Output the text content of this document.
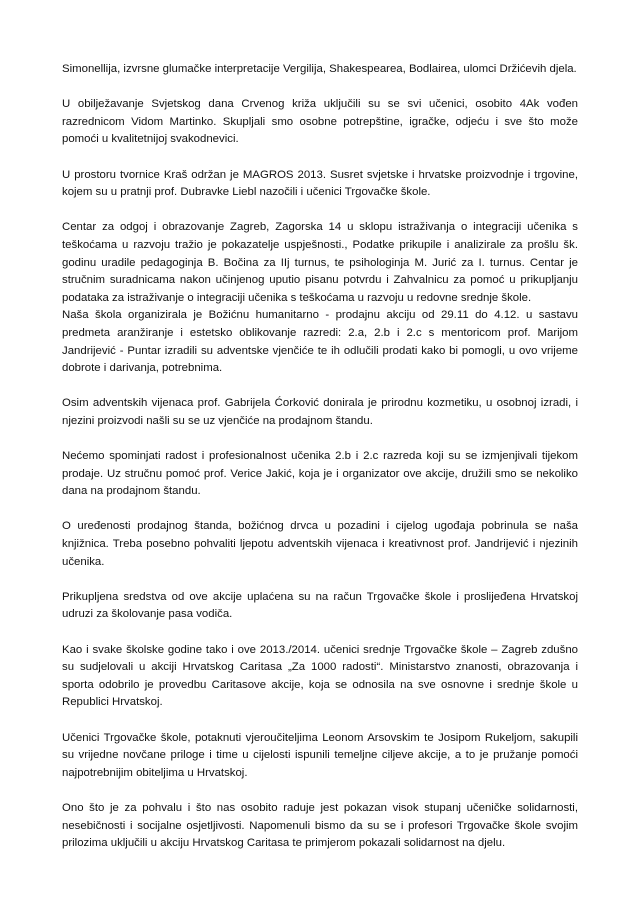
Simonellija, izvrsne glumačke interpretacije Vergilija, Shakespearea, Bodlairea, ulomci Držićevih djela.

U obilježavanje Svjetskog dana Crvenog križa uključili su se svi učenici, osobito 4Ak vođen razrednicom Vidom Martinko. Skupljali smo osobne potrepštine, igračke, odjeću i sve što može pomoći u kvalitetnijoj svakodnevici.

U prostoru tvornice Kraš održan je MAGROS 2013. Susret svjetske i hrvatske proizvodnje i trgovine, kojem su u pratnji prof. Dubravke Liebl nazočili i učenici Trgovačke škole.

Centar za odgoj i obrazovanje Zagreb, Zagorska 14 u sklopu istraživanja o integraciji učenika s teškoćama u razvoju tražio je pokazatelje uspješnosti., Podatke prikupile i analizirale za prošlu šk. godinu uradile pedagoginja B. Bočina za IIj turnus, te psihologinja M. Jurić za I. turnus. Centar je stručnim suradnicama nakon učinjenog uputio pisanu potvrdu i Zahvalnicu za pomoć u prikupljanju podataka za istraživanje o integraciji učenika s teškoćama u razvoju u redovne srednje škole.

Naša škola organizirala je Božićnu humanitarno - prodajnu akciju od 29.11 do 4.12. u sastavu predmeta aranžiranje i estetsko oblikovanje razredi: 2.a, 2.b i 2.c s mentoricom prof. Marijom Jandrijević - Puntar izradili su adventske vjenčiće te ih odlučili prodati kako bi pomogli, u ovo vrijeme dobrote i darivanja, potrebnima.

Osim adventskih vijenaca prof. Gabrijela Ćorković donirala je prirodnu kozmetiku, u osobnoj izradi, i njezini proizvodi našli su se uz vjenčiće na prodajnom štandu.

Nećemo spominjati radost i profesionalnost učenika 2.b i 2.c razreda koji su se izmjenjivali tijekom prodaje. Uz stručnu pomoć prof. Verice Jakić, koja je i organizator ove akcije, družili smo se nekoliko dana na prodajnom štandu.

O uređenosti prodajnog štanda, božićnog drvca u pozadini i cijelog ugođaja pobrinula se naša knjižnica. Treba posebno pohvaliti ljepotu adventskih vijenaca i kreativnost prof. Jandrijević i njezinih učenika.

Prikupljena sredstva od ove akcije uplaćena su na račun Trgovačke škole i proslijeđena Hrvatskoj udruzi za školovanje pasa vodiča.

Kao i svake školske godine tako i ove 2013./2014. učenici srednje Trgovačke škole – Zagreb zdušno su sudjelovali u akciji Hrvatskog Caritasa „Za 1000 radosti“. Ministarstvo znanosti, obrazovanja i sporta odobrilo je provedbu Caritasove akcije, koja se odnosila na sve osnovne i srednje škole u Republici Hrvatskoj.

Učenici Trgovačke škole, potaknuti vjeroučiteljima Leonom Arsovskim te Josipom Rukeljom, sakupili su vrijedne novčane priloge i time u cijelosti ispunili temeljne ciljeve akcije, a to je pružanje pomoći najpotrebnijim obiteljima u Hrvatskoj.

Ono što je za pohvalu i što nas osobito raduje jest pokazan visok stupanj učeničke solidarnosti, nesebičnosti i socijalne osjetljivosti. Napomenuli bismo da su se i profesori Trgovačke škole svojim prilozima uključili u akciju Hrvatskog Caritasa te primjerom pokazali solidarnost na djelu.
